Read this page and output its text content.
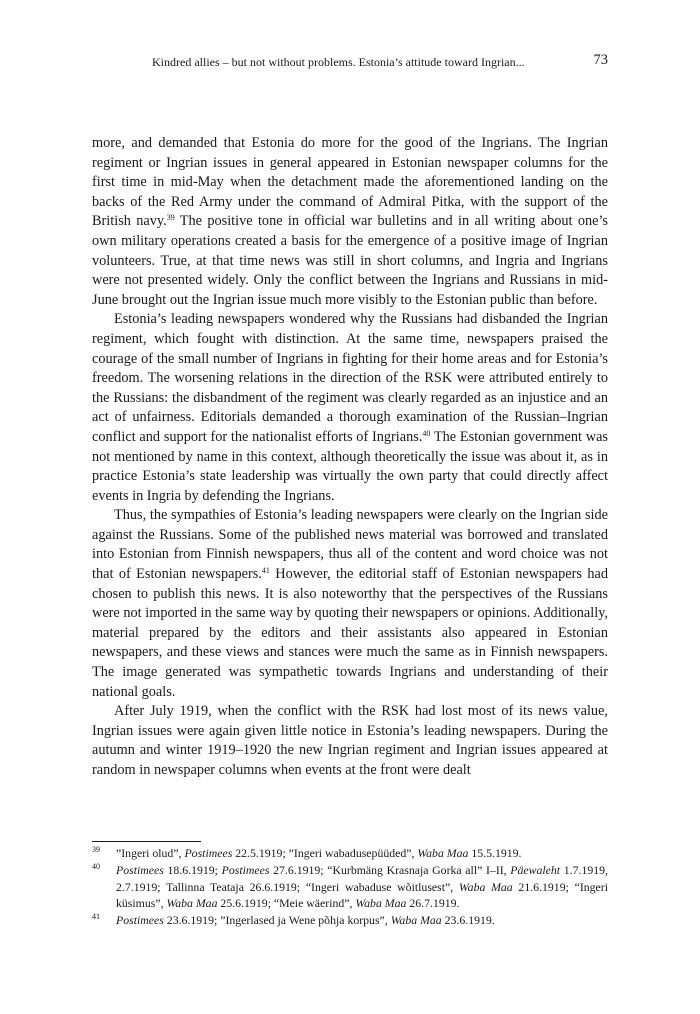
Kindred allies – but not without problems. Estonia’s attitude toward Ingrian...	73

more, and demanded that Estonia do more for the good of the Ingrians. The Ingrian regiment or Ingrian issues in general appeared in Estonian newspaper columns for the first time in mid-May when the detachment made the aforementioned landing on the backs of the Red Army under the command of Admiral Pitka, with the support of the British navy.$^{39}$ The positive tone in official war bulletins and in all writing about one’s own military operations created a basis for the emergence of a positive image of Ingrian volunteers. True, at that time news was still in short columns, and Ingria and Ingrians were not presented widely. Only the conflict between the Ingrians and Russians in mid-June brought out the Ingrian issue much more visibly to the Estonian public than before.

Estonia’s leading newspapers wondered why the Russians had disbanded the Ingrian regiment, which fought with distinction. At the same time, newspapers praised the courage of the small number of Ingrians in fighting for their home areas and for Estonia’s freedom. The worsening relations in the direction of the RSK were attributed entirely to the Russians: the disbandment of the regiment was clearly regarded as an injustice and an act of unfairness. Editorials demanded a thorough examination of the Russian–Ingrian conflict and support for the nationalist efforts of Ingrians.$^{40}$ The Estonian government was not mentioned by name in this context, although theoretically the issue was about it, as in practice Estonia’s state leadership was virtually the own party that could directly affect events in Ingria by defending the Ingrians.

Thus, the sympathies of Estonia’s leading newspapers were clearly on the Ingrian side against the Russians. Some of the published news material was borrowed and translated into Estonian from Finnish newspapers, thus all of the content and word choice was not that of Estonian newspapers.$^{41}$ However, the editorial staff of Estonian newspapers had chosen to publish this news. It is also noteworthy that the perspectives of the Russians were not imported in the same way by quoting their newspapers or opinions. Additionally, material prepared by the editors and their assistants also appeared in Estonian newspapers, and these views and stances were much the same as in Finnish newspapers. The image generated was sympathetic towards Ingrians and understanding of their national goals.

After July 1919, when the conflict with the RSK had lost most of its news value, Ingrian issues were again given little notice in Estonia’s leading newspapers. During the autumn and winter 1919–1920 the new Ingrian regiment and Ingrian issues appeared at random in newspaper columns when events at the front were dealt

39 ”Ingeri olud”, Postimees 22.5.1919; ”Ingeri wabadusepüüded”, Waba Maa 15.5.1919.
40 Postimees 18.6.1919; Postimees 27.6.1919; “Kurbmäng Krasnaja Gorka all” I–II, Päewaleht 1.7.1919, 2.7.1919; Tallinna Teataja 26.6.1919; “Ingeri wabaduse wõitlusest”, Waba Maa 21.6.1919; “Ingeri küsimus”, Waba Maa 25.6.1919; “Meie wäerind”, Waba Maa 26.7.1919.
41 Postimees 23.6.1919; ”Ingerlased ja Wene põhja korpus”, Waba Maa 23.6.1919.
